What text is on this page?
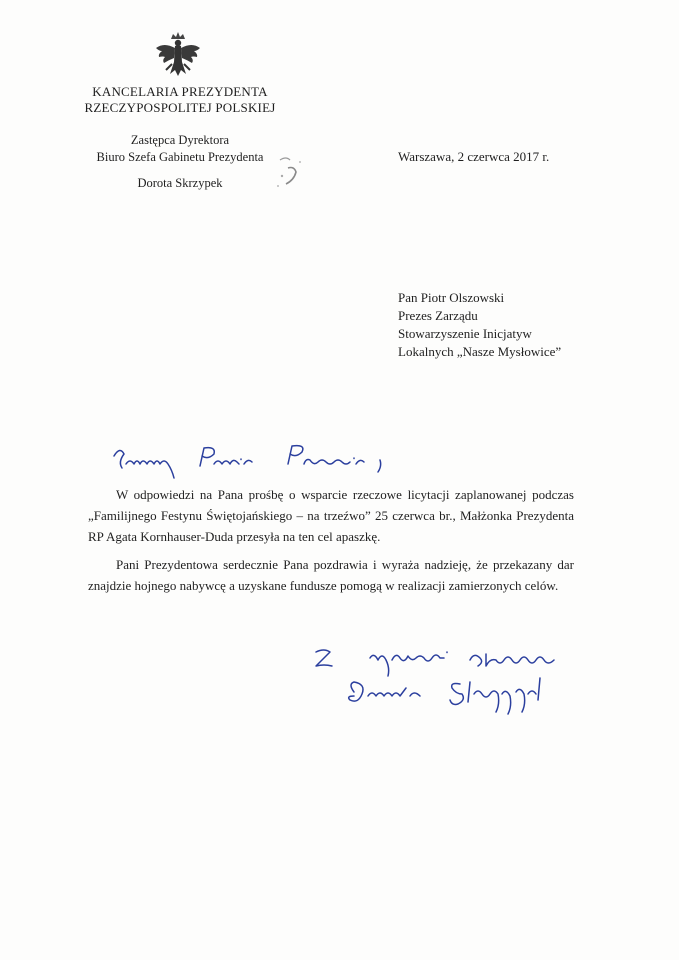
KANCELARIA PREZYDENTA
RZECZYPOSPOLITEJ POLSKIEJ
Zastępca Dyrektora
Biuro Szefa Gabinetu Prezydenta
Dorota Skrzypek
Warszawa, 2 czerwca 2017 r.
Pan Piotr Olszowski
Prezes Zarządu
Stowarzyszenie Inicjatyw
Lokalnych „Nasze Mysłowice”

W odpowiedzi na Pana prośbę o wsparcie rzeczowe licytacji zaplanowanej podczas „Familijnego Festynu Świętojańskiego – na trzeźwo” 25 czerwca br., Małżonka Prezydenta RP Agata Kornhauser-Duda przesyła na ten cel apaszkę.

Pani Prezydentowa serdecznie Pana pozdrawia i wyraża nadzieję, że przekazany dar znajdzie hojnego nabywcę a uzyskane fundusze pomogą w realizacji zamierzonych celów.
